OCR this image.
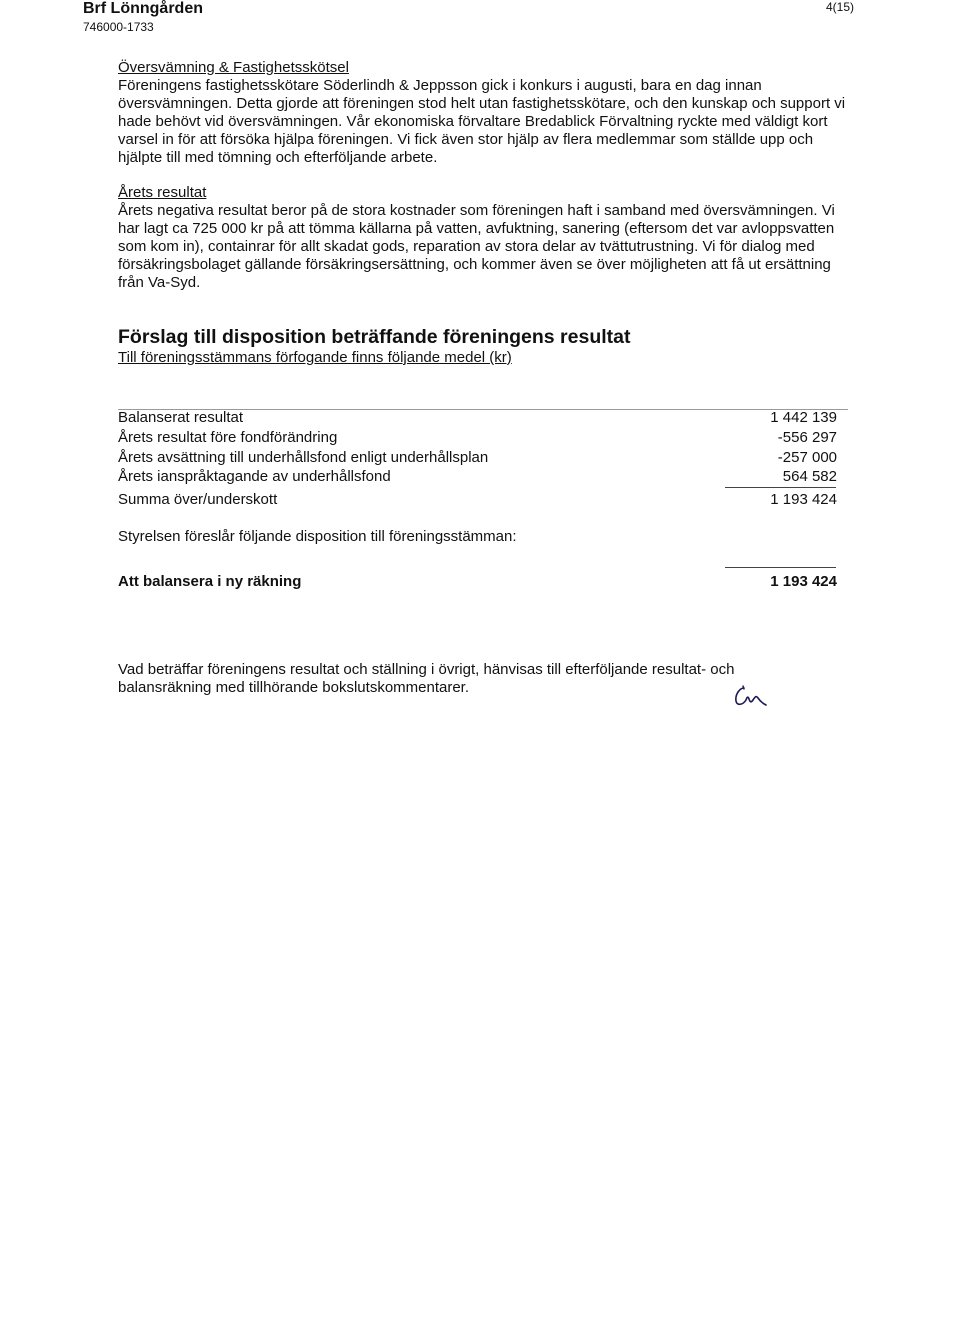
Brf Lönngården
746000-1733
4(15)
Översvämning & Fastighetsskötsel
Föreningens fastighetsskötare Söderlindh & Jeppsson gick i konkurs i augusti, bara en dag innan översvämningen. Detta gjorde att föreningen stod helt utan fastighetsskötare, och den kunskap och support vi hade behövt vid översvämningen. Vår ekonomiska förvaltare Bredablick Förvaltning ryckte med väldigt kort varsel in för att försöka hjälpa föreningen. Vi fick även stor hjälp av flera medlemmar som ställde upp och hjälpte till med tömning och efterföljande arbete.
Årets resultat
Årets negativa resultat beror på de stora kostnader som föreningen haft i samband med översvämningen. Vi har lagt ca 725 000 kr på att tömma källarna på vatten, avfuktning, sanering (eftersom det var avloppsvatten som kom in), containrar för allt skadat gods, reparation av stora delar av tvättutrustning. Vi för dialog med försäkringsbolaget gällande försäkringsersättning, och kommer även se över möjligheten att få ut ersättning från Va-Syd.
Förslag till disposition beträffande föreningens resultat
Till föreningsstämmans förfogande finns följande medel (kr)
Balanserat resultat	1 442 139
Årets resultat före fondförändring	-556 297
Årets avsättning till underhållsfond enligt underhållsplan	-257 000
Årets ianspråktagande av underhållsfond	564 582
Summa över/underskott	1 193 424
Styrelsen föreslår följande disposition till föreningsstämman:
Att balansera i ny räkning	1 193 424
Vad beträffar föreningens resultat och ställning i övrigt, hänvisas till efterföljande resultat- och balansräkning med tillhörande bokslutskommentarer.
